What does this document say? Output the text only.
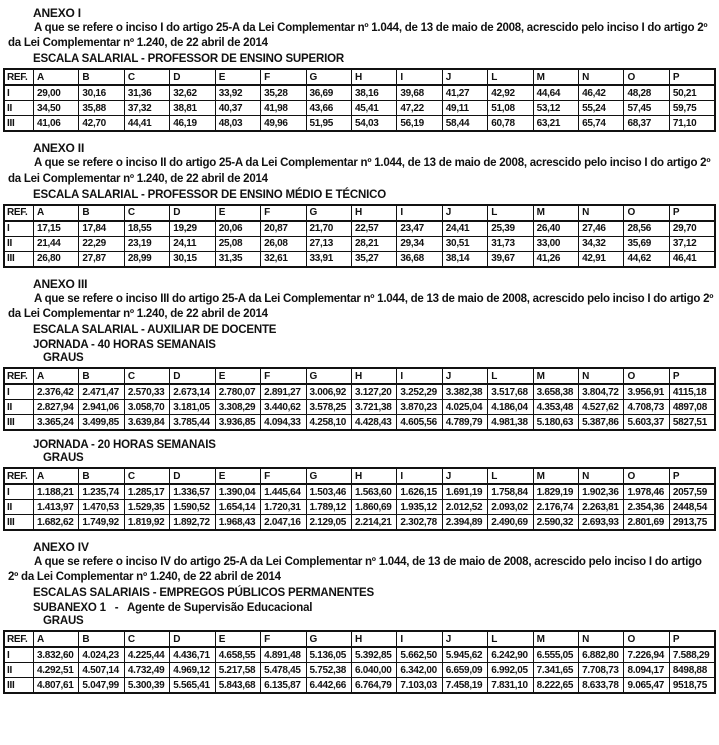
ANEXO I

A que se refere o inciso I do artigo 25-A da Lei Complementar nº 1.044, de 13 de maio de 2008, acrescido pelo inciso I do artigo 2º da Lei Complementar nº 1.240, de 22 abril de 2014

ESCALA SALARIAL - PROFESSOR DE ENSINO SUPERIOR
REF.	A	B	C	D	E	F	G	H	I	J	L	M	N	O	P
I	29,00	30,16	31,36	32,62	33,92	35,28	36,69	38,16	39,68	41,27	42,92	44,64	46,42	48,28	50,21
II	34,50	35,88	37,32	38,81	40,37	41,98	43,66	45,41	47,22	49,11	51,08	53,12	55,24	57,45	59,75
III	41,06	42,70	44,41	46,19	48,03	49,96	51,95	54,03	56,19	58,44	60,78	63,21	65,74	68,37	71,10
ANEXO II

A que se refere o inciso II do artigo 25-A da Lei Complementar nº 1.044, de 13 de maio de 2008, acrescido pelo inciso I do artigo 2º da Lei Complementar nº 1.240, de 22 abril de 2014

ESCALA SALARIAL - PROFESSOR DE ENSINO MÉDIO E TÉCNICO
REF.	A	B	C	D	E	F	G	H	I	J	L	M	N	O	P
I	17,15	17,84	18,55	19,29	20,06	20,87	21,70	22,57	23,47	24,41	25,39	26,40	27,46	28,56	29,70
II	21,44	22,29	23,19	24,11	25,08	26,08	27,13	28,21	29,34	30,51	31,73	33,00	34,32	35,69	37,12
III	26,80	27,87	28,99	30,15	31,35	32,61	33,91	35,27	36,68	38,14	39,67	41,26	42,91	44,62	46,41
ANEXO III

A que se refere o inciso III do artigo 25-A da Lei Complementar nº 1.044, de 13 de maio de 2008, acrescido pelo inciso I do artigo 2º da Lei Complementar nº 1.240, de 22 abril de 2014

ESCALA SALARIAL - AUXILIAR DE DOCENTE
JORNADA - 40 HORAS SEMANAIS
GRAUS
REF.	A	B	C	D	E	F	G	H	I	J	L	M	N	O	P
I	2.376,42	2.471,47	2.570,33	2.673,14	2.780,07	2.891,27	3.006,92	3.127,20	3.252,29	3.382,38	3.517,68	3.658,38	3.804,72	3.956,91	4115,18
II	2.827,94	2.941,06	3.058,70	3.181,05	3.308,29	3.440,62	3.578,25	3.721,38	3.870,23	4.025,04	4.186,04	4.353,48	4.527,62	4.708,73	4897,08
III	3.365,24	3.499,85	3.639,84	3.785,44	3.936,85	4.094,33	4.258,10	4.428,43	4.605,56	4.789,79	4.981,38	5.180,63	5.387,86	5.603,37	5827,51
JORNADA - 20 HORAS SEMANAIS
GRAUS
REF.	A	B	C	D	E	F	G	H	I	J	L	M	N	O	P
I	1.188,21	1.235,74	1.285,17	1.336,57	1.390,04	1.445,64	1.503,46	1.563,60	1.626,15	1.691,19	1.758,84	1.829,19	1.902,36	1.978,46	2057,59
II	1.413,97	1.470,53	1.529,35	1.590,52	1.654,14	1.720,31	1.789,12	1.860,69	1.935,12	2.012,52	2.093,02	2.176,74	2.263,81	2.354,36	2448,54
III	1.682,62	1.749,92	1.819,92	1.892,72	1.968,43	2.047,16	2.129,05	2.214,21	2.302,78	2.394,89	2.490,69	2.590,32	2.693,93	2.801,69	2913,75
ANEXO IV

A que se refere o inciso IV do artigo 25-A da Lei Complementar nº 1.044, de 13 de maio de 2008, acrescido pelo inciso I do artigo 2º da Lei Complementar nº 1.240, de 22 abril de 2014

ESCALAS SALARIAIS - EMPREGOS PÚBLICOS PERMANENTES
SUBANEXO 1   -   Agente de Supervisão Educacional
GRAUS
REF.	A	B	C	D	E	F	G	H	I	J	L	M	N	O	P
I	3.832,60	4.024,23	4.225,44	4.436,71	4.658,55	4.891,48	5.136,05	5.392,85	5.662,50	5.945,62	6.242,90	6.555,05	6.882,80	7.226,94	7.588,29
II	4.292,51	4.507,14	4.732,49	4.969,12	5.217,58	5.478,45	5.752,38	6.040,00	6.342,00	6.659,09	6.992,05	7.341,65	7.708,73	8.094,17	8498,88
III	4.807,61	5.047,99	5.300,39	5.565,41	5.843,68	6.135,87	6.442,66	6.764,79	7.103,03	7.458,19	7.831,10	8.222,65	8.633,78	9.065,47	9518,75
